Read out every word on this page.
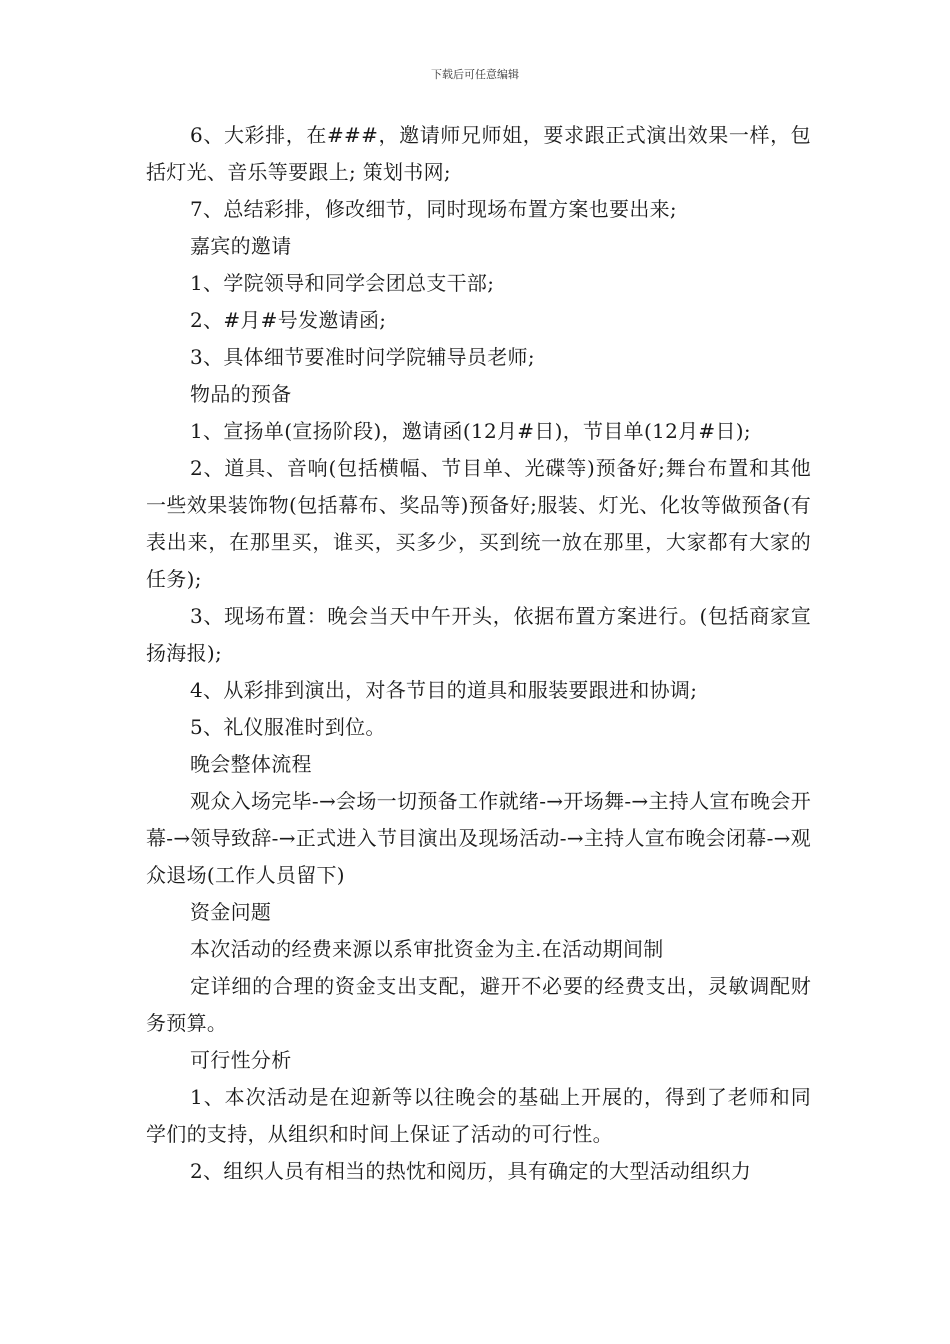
下载后可任意编辑

6、大彩排，在###，邀请师兄师姐，要求跟正式演出效果一样，包括灯光、音乐等要跟上; 策划书网;

7、总结彩排，修改细节，同时现场布置方案也要出来;

嘉宾的邀请

1、学院领导和同学会团总支干部;

2、#月#号发邀请函;

3、具体细节要准时问学院辅导员老师;

物品的预备

1、宣扬单(宣扬阶段)，邀请函(12月#日)，节目单(12月#日);

2、道具、音响(包括横幅、节目单、光碟等)预备好;舞台布置和其他一些效果装饰物(包括幕布、奖品等)预备好;服装、灯光、化妆等做预备(有表出来，在那里买，谁买，买多少，买到统一放在那里，大家都有大家的任务);

3、现场布置：晚会当天中午开头，依据布置方案进行。(包括商家宣扬海报);

4、从彩排到演出，对各节目的道具和服装要跟进和协调;

5、礼仪服准时到位。

晚会整体流程

观众入场完毕-→会场一切预备工作就绪-→开场舞-→主持人宣布晚会开幕-→领导致辞-→正式进入节目演出及现场活动-→主持人宣布晚会闭幕-→观众退场(工作人员留下)

资金问题

本次活动的经费来源以系审批资金为主.在活动期间制

定详细的合理的资金支出支配，避开不必要的经费支出，灵敏调配财务预算。

可行性分析

1、本次活动是在迎新等以往晚会的基础上开展的，得到了老师和同学们的支持，从组织和时间上保证了活动的可行性。

2、组织人员有相当的热忱和阅历，具有确定的大型活动组织力
